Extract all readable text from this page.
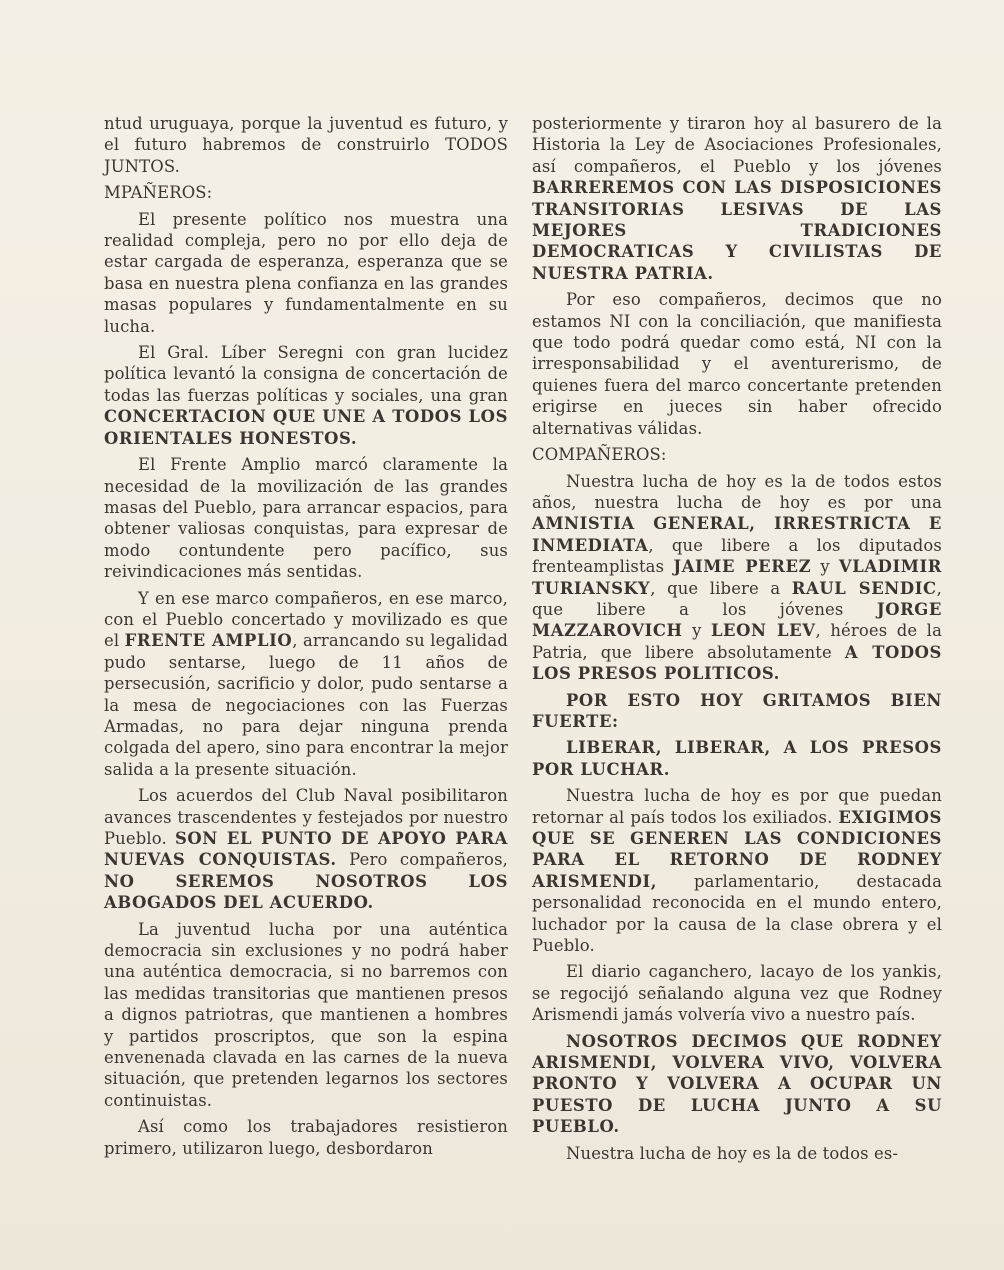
ntud uruguaya, porque la juventud es futuro, y el futuro habremos de construirlo TODOS JUNTOS.

MPAÑEROS:

El presente político nos muestra una realidad compleja, pero no por ello deja de estar cargada de esperanza, esperanza que se basa en nuestra plena confianza en las grandes masas populares y fundamentalmente en su lucha.

El Gral. Líber Seregni con gran lucidez política levantó la consigna de concertación de todas las fuerzas políticas y sociales, una gran CONCERTACION QUE UNE A TODOS LOS ORIENTALES HONESTOS.

El Frente Amplio marcó claramente la necesidad de la movilización de las grandes masas del Pueblo, para arrancar espacios, para obtener valiosas conquistas, para expresar de modo contundente pero pacífico, sus reivindicaciones más sentidas.

Y en ese marco compañeros, en ese marco, con el Pueblo concertado y movilizado es que el FRENTE AMPLIO, arrancando su legalidad pudo sentarse, luego de 11 años de persecusión, sacrificio y dolor, pudo sentarse a la mesa de negociaciones con las Fuerzas Armadas, no para dejar ninguna prenda colgada del apero, sino para encontrar la mejor salida a la presente situación.

Los acuerdos del Club Naval posibilitaron avances trascendentes y festejados por nuestro Pueblo. SON EL PUNTO DE APOYO PARA NUEVAS CONQUISTAS. Pero compañeros, NO SEREMOS NOSOTROS LOS ABOGADOS DEL ACUERDO.

La juventud lucha por una auténtica democracia sin exclusiones y no podrá haber una auténtica democracia, si no barremos con las medidas transitorias que mantienen presos a dignos patriotras, que mantienen a hombres y partidos proscriptos, que son la espina envenenada clavada en las carnes de la nueva situación, que pretenden legarnos los sectores continuistas.

Así como los trabajadores resistieron primero, utilizaron luego, desbordaron

posteriormente y tiraron hoy al basurero de la Historia la Ley de Asociaciones Profesionales, así compañeros, el Pueblo y los jóvenes BARREREMOS CON LAS DISPOSICIONES TRANSITORIAS LESIVAS DE LAS MEJORES TRADICIONES DEMOCRATICAS Y CIVILISTAS DE NUESTRA PATRIA.

Por eso compañeros, decimos que no estamos NI con la conciliación, que manifiesta que todo podrá quedar como está, NI con la irresponsabilidad y el aventurerismo, de quienes fuera del marco concertante pretenden erigirse en jueces sin haber ofrecido alternativas válidas.

COMPAÑEROS:

Nuestra lucha de hoy es la de todos estos años, nuestra lucha de hoy es por una AMNISTIA GENERAL, IRRESTRICTA E INMEDIATA, que libere a los diputados frenteamplistas JAIME PEREZ y VLADIMIR TURIANSKY, que libere a RAUL SENDIC, que libere a los jóvenes JORGE MAZZAROVICH y LEON LEV, héroes de la Patria, que libere absolutamente A TODOS LOS PRESOS POLITICOS.

POR ESTO HOY GRITAMOS BIEN FUERTE:

LIBERAR, LIBERAR, A LOS PRESOS POR LUCHAR.

Nuestra lucha de hoy es por que puedan retornar al país todos los exiliados. EXIGIMOS QUE SE GENEREN LAS CONDICIONES PARA EL RETORNO DE RODNEY ARISMENDI, parlamentario, destacada personalidad reconocida en el mundo entero, luchador por la causa de la clase obrera y el Pueblo.

El diario caganchero, lacayo de los yankis, se regocijó señalando alguna vez que Rodney Arismendi jamás volvería vivo a nuestro país.

NOSOTROS DECIMOS QUE RODNEY ARISMENDI, VOLVERA VIVO, VOLVERA PRONTO Y VOLVERA A OCUPAR UN PUESTO DE LUCHA JUNTO A SU PUEBLO.

Nuestra lucha de hoy es la de todos es-
